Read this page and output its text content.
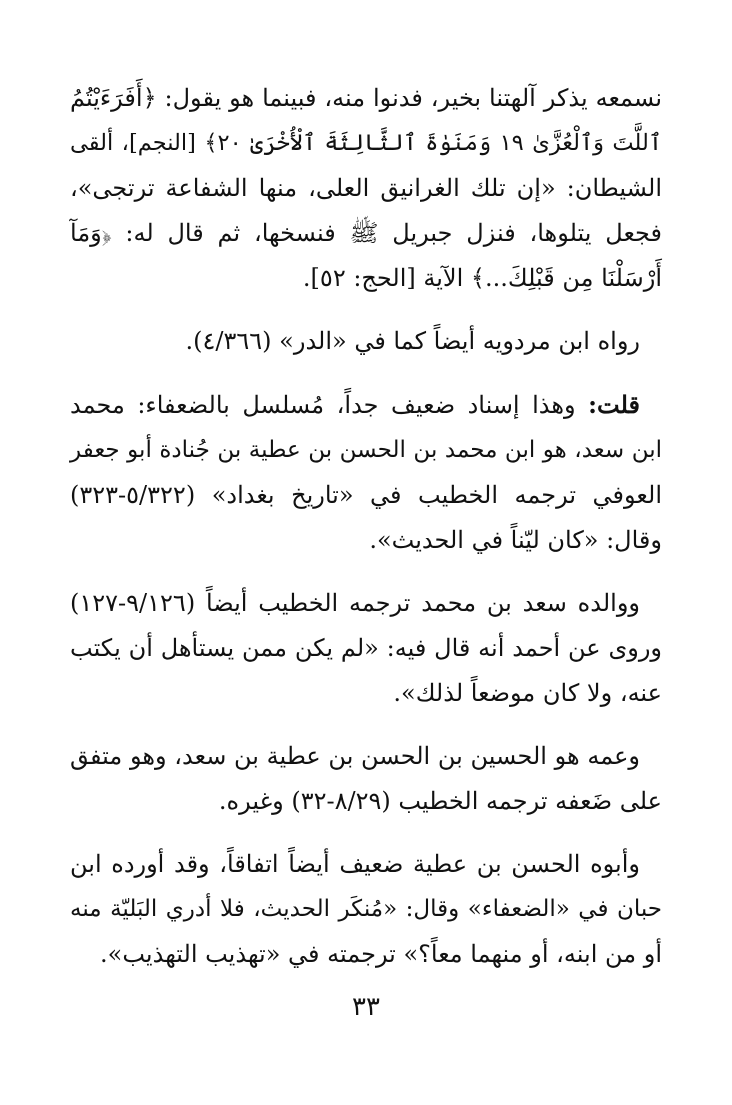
نسمعه يذكر آلهتنا بخير، فدنوا منه، فبينما هو يقول: ﴿أَفَرَءَيْتُمُ
ٱللَّتَ وَٱلْعُزَّىٰ ١٩ وَمَنَوٰةَ ٱلثَّالِثَةَ ٱلْأُخْرَىٰ ٢٠﴾ [النجم]، ألقى
الشيطان: «إن تلك الغرانيق العلى، منها الشفاعة ترتجى»،
فجعل يتلوها، فنزل جبريل ﷺ فنسخها، ثم قال له: ﴿وَمَآ
أَرْسَلْنَا مِن قَبْلِكَ...﴾ الآية [الحج: ٥٢].

رواه ابن مردويه أيضاً كما في «الدر» (٤/٣٦٦).

قلت: وهذا إسناد ضعيف جداً، مُسلسل بالضعفاء: محمد
ابن سعد، هو ابن محمد بن الحسن بن عطية بن جُنادة أبو جعفر
العوفي ترجمه الخطيب في «تاريخ بغداد» (٥/٣٢٢-٣٢٣)
وقال: «كان ليّناً في الحديث».

ووالده سعد بن محمد ترجمه الخطيب أيضاً (٩/١٢٦-١٢٧)
وروى عن أحمد أنه قال فيه: «لم يكن ممن يستأهل أن يكتب
عنه، ولا كان موضعاً لذلك».

وعمه هو الحسين بن الحسن بن عطية بن سعد، وهو متفق
على ضَعفه ترجمه الخطيب (٨/٢٩-٣٢) وغيره.

وأبوه الحسن بن عطية ضعيف أيضاً اتفاقاً، وقد أورده ابن
حبان في «الضعفاء» وقال: «مُنكَر الحديث، فلا أدري البَليّة منه
أو من ابنه، أو منهما معاً؟» ترجمته في «تهذيب التهذيب».

٣٣
